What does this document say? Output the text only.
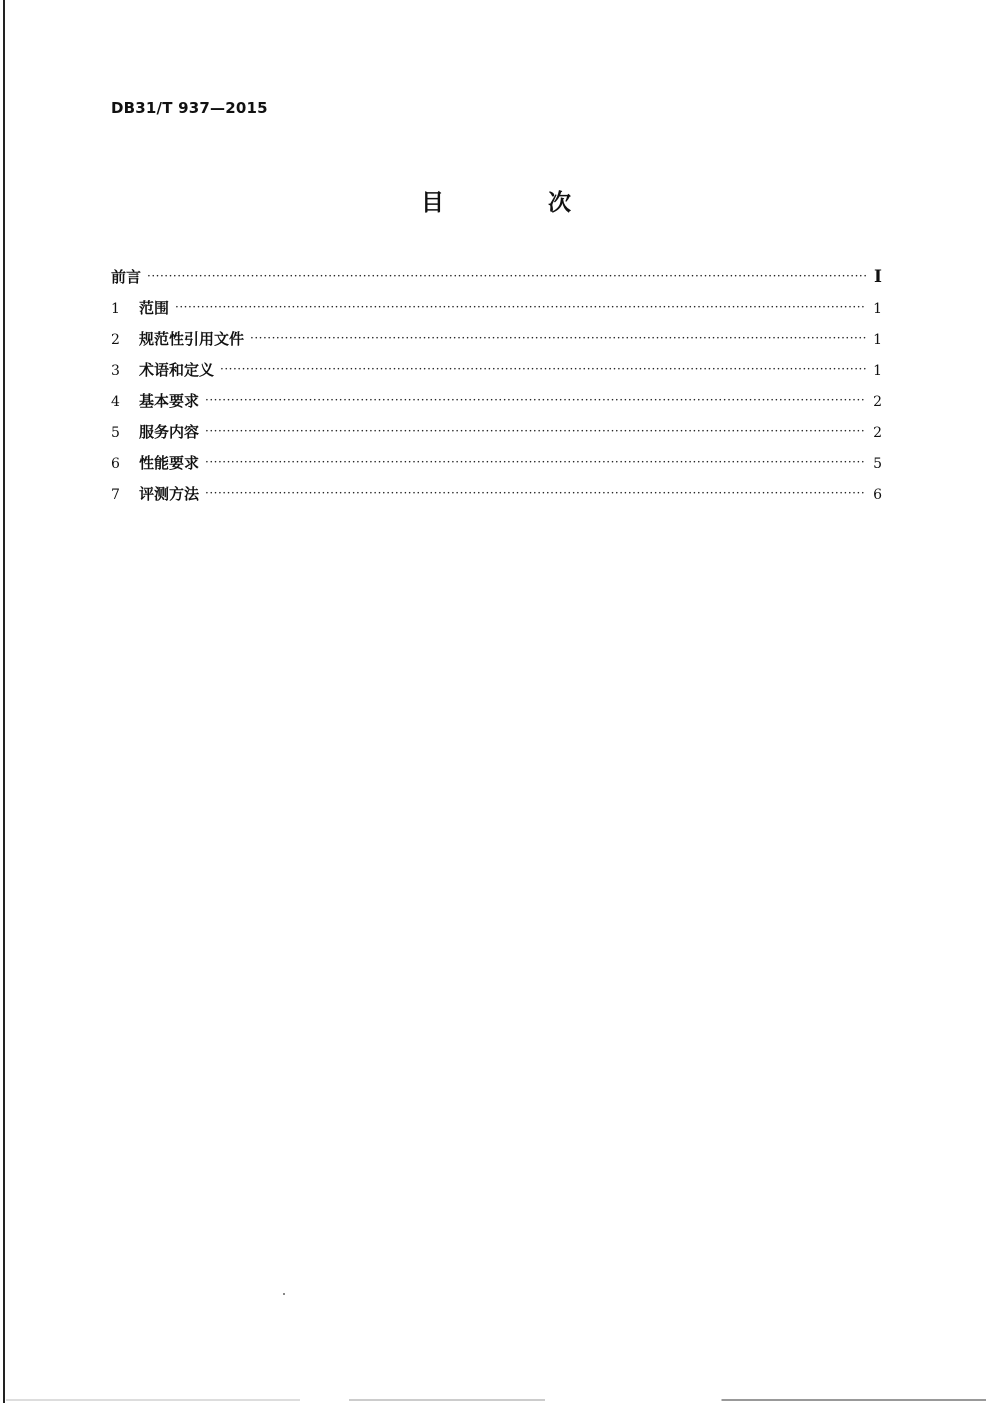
DB31/T 937—2015
目 次
前言 ·····	I
1	范围 ·····	1
2	规范性引用文件 ·····	1
3	术语和定义 ·····	1
4	基本要求 ·····	2
5	服务内容 ·····	2
6	性能要求 ·····	5
7	评测方法 ·····	6
